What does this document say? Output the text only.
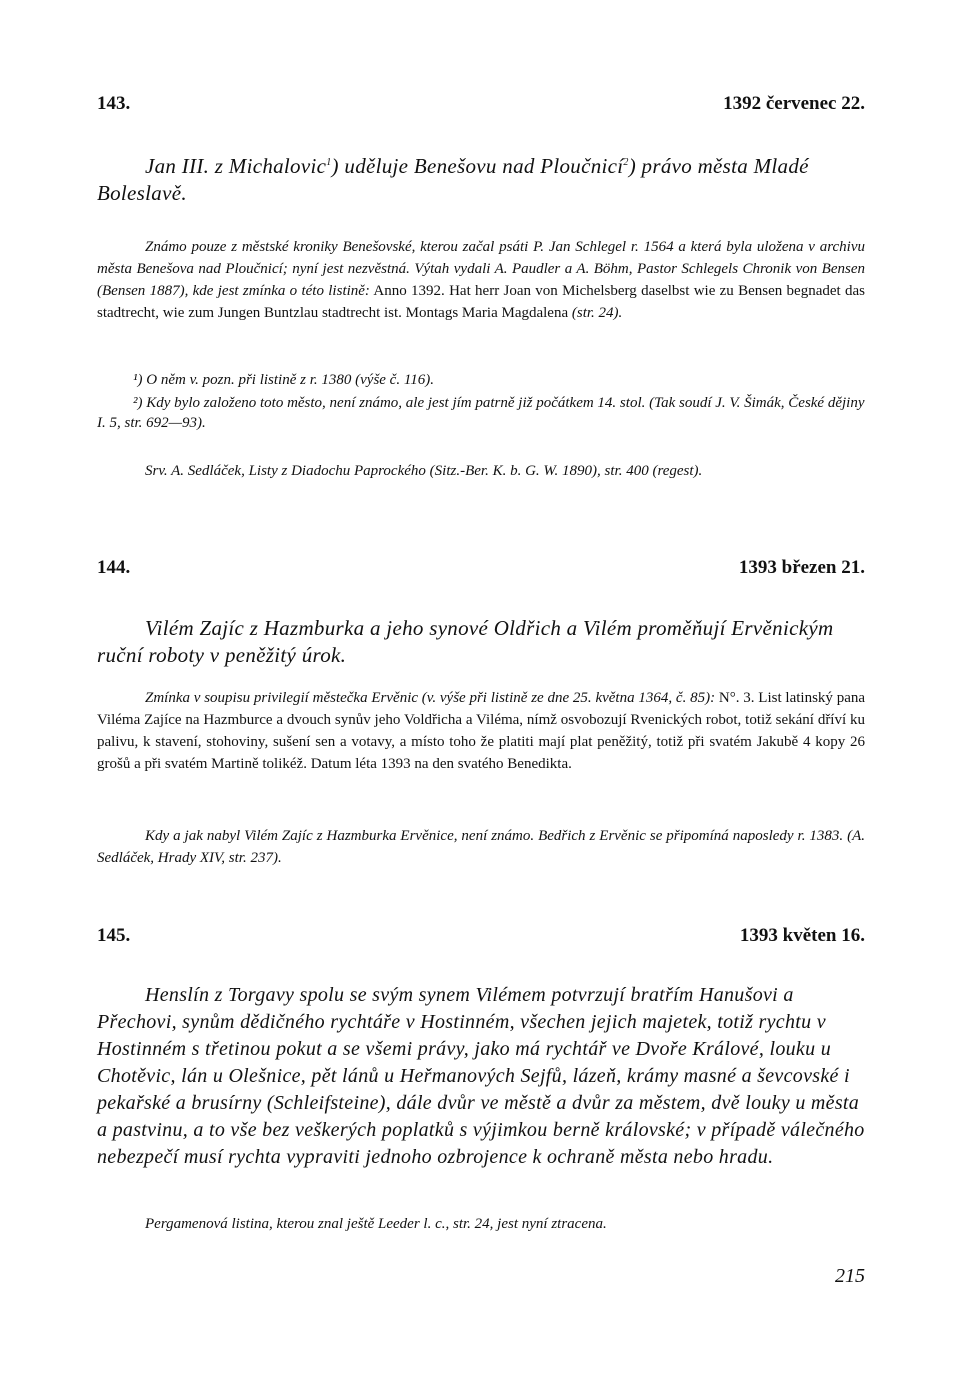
143.	1392 červenec 22.

Jan III. z Michalovic$^1$) uděluje Benešovu nad Ploučnicí$^2$) právo města Mladé Boleslavě.

Známo pouze z městské kroniky Benešovské, kterou začal psáti P. Jan Schlegel r. 1564 a která byla uložena v archivu města Benešova nad Ploučnicí; nyní jest nezvěstná. Výtah vydali A. Paudler a A. Böhm, Pastor Schlegels Chronik von Bensen (Bensen 1887), kde jest zmínka o této listině: Anno 1392. Hat herr Joan von Michelsberg daselbst wie zu Bensen begnadet das stadtrecht, wie zum Jungen Buntzlau stadtrecht ist. Montags Maria Magdalena (str. 24).

¹) O něm v. pozn. při listině z r. 1380 (výše č. 116).

²) Kdy bylo založeno toto město, není známo, ale jest jím patrně již počátkem 14. stol. (Tak soudí J. V. Šimák, České dějiny I. 5, str. 692—93).

Srv. A. Sedláček, Listy z Diadochu Paprockého (Sitz.-Ber. K. b. G. W. 1890), str. 400 (regest).

144.	1393 březen 21.

Vilém Zajíc z Hazmburka a jeho synové Oldřich a Vilém proměňují Ervěnickým ruční roboty v peněžitý úrok.

Zmínka v soupisu privilegií městečka Ervěnic (v. výše při listině ze dne 25. května 1364, č. 85): N°. 3. List latinský pana Viléma Zajíce na Hazmburce a dvouch synův jeho Voldřicha a Viléma, nímž osvobozují Rvenických robot, totiž sekání dříví ku palivu, k stavení, stohoviny, sušení sen a votavy, a místo toho že platiti mají plat peněžitý, totiž při svatém Jakubě 4 kopy 26 grošů a při svatém Martině tolikéž. Datum léta 1393 na den svatého Benedikta.

Kdy a jak nabyl Vilém Zajíc z Hazmburka Ervěnice, není známo. Bedřich z Ervěnic se připomíná naposledy r. 1383. (A. Sedláček, Hrady XIV, str. 237).

145.	1393 květen 16.

Henslín z Torgavy spolu se svým synem Vilémem potvrzují bratřím Hanušovi a Přechovi, synům dědičného rychtáře v Hostinném, všechen jejich majetek, totiž rychtu v Hostinném s třetinou pokut a se všemi právy, jako má rychtář ve Dvoře Králové, louku u Chotěvic, lán u Olešnice, pět lánů u Heřmanových Sejfů, lázeň, krámy masné a ševcovské i pekařské a brusírny (Schleifsteine), dále dvůr ve městě a dvůr za městem, dvě louky u města a pastvinu, a to vše bez veškerých poplatků s výjimkou berně královské; v případě válečného nebezpečí musí rychta vypraviti jednoho ozbrojence k ochraně města nebo hradu.

Pergamenová listina, kterou znal ještě Leeder l. c., str. 24, jest nyní ztracena.

215
